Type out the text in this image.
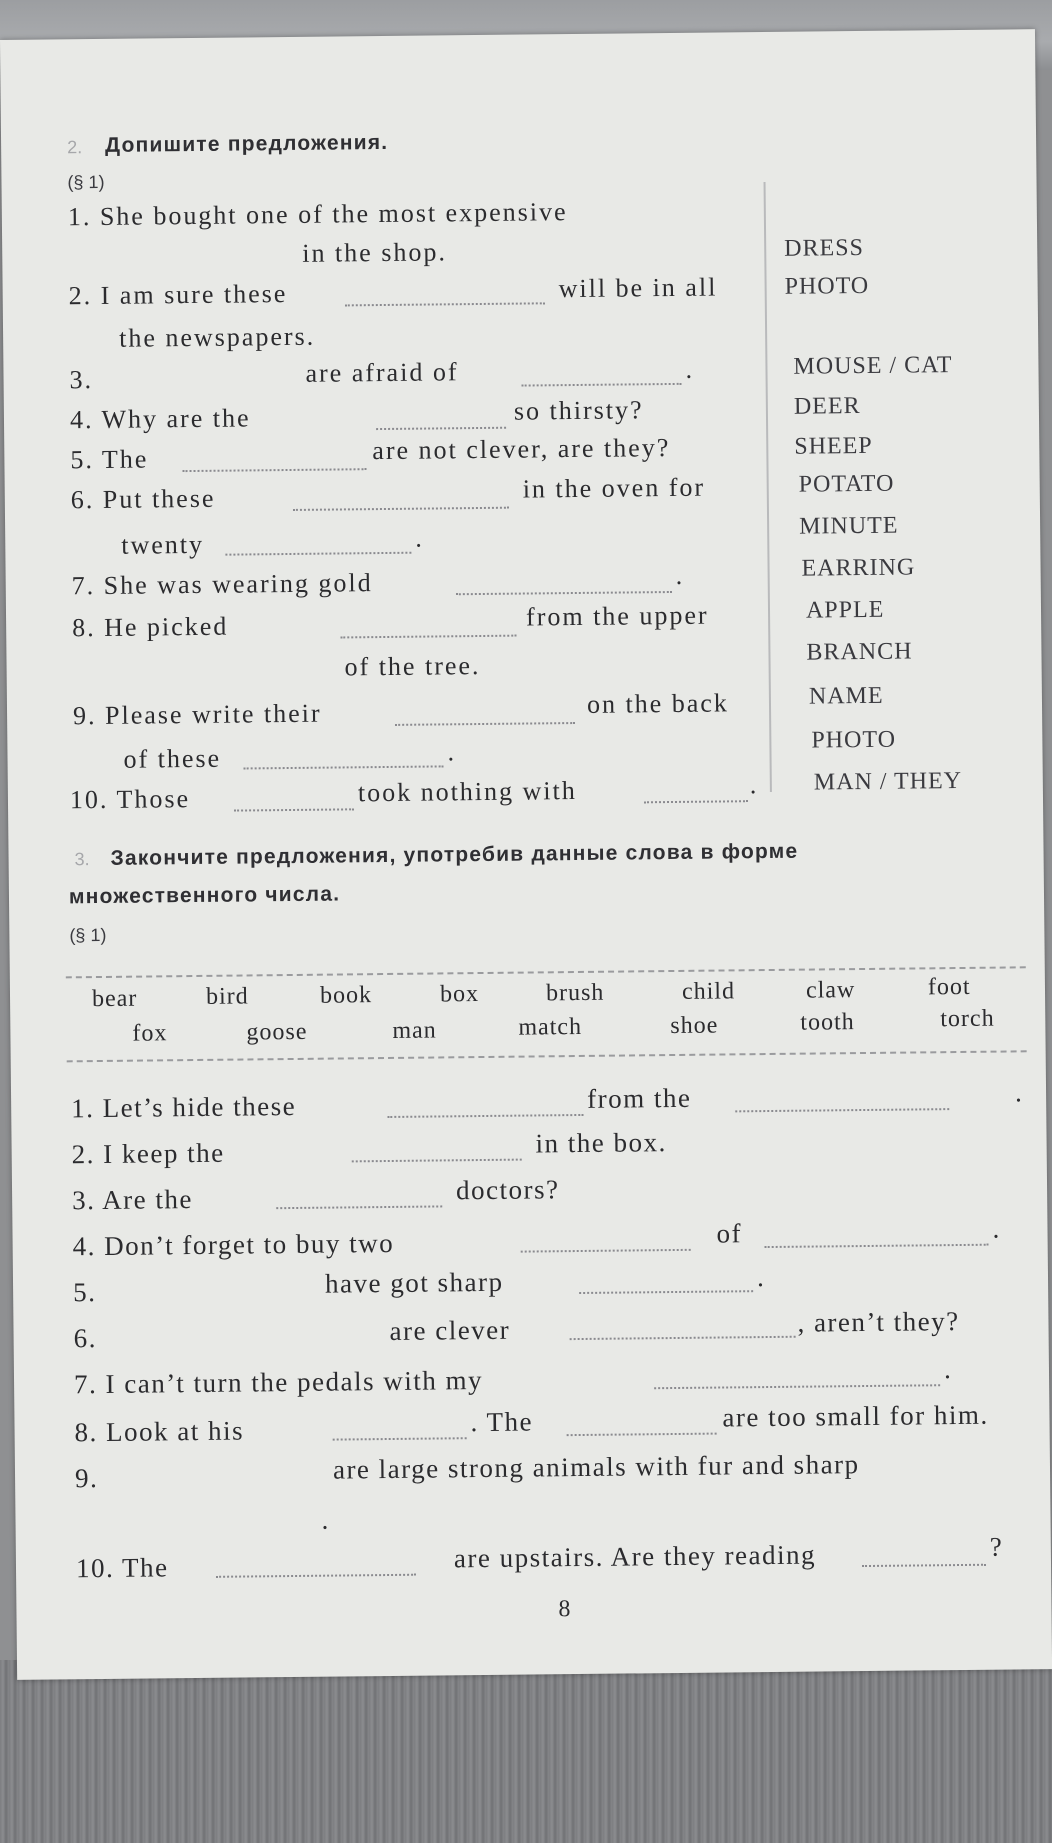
2. Допишите предложения.
(§ 1)
1. She bought one of the most expensive
in the shop.	DRESS
2. I am sure these	will be in all	PHOTO
the newspapers.
3.	are afraid of	.	MOUSE / CAT
4. Why are the	so thirsty?	DEER
5. The	are not clever, are they?	SHEEP
6. Put these	in the oven for	POTATO
twenty	.	MINUTE
7. She was wearing gold	.	EARRING
8. He picked	from the upper	APPLE
of the tree.	BRANCH
9. Please write their	on the back	NAME
of these	.	PHOTO
10. Those	took nothing with	. MAN / THEY
3. Закончите предложения, употребив данные слова в форме
множественного числа.
(§ 1)
bear	bird	book	box	brush	child	claw	foot
fox	goose	man	match	shoe	tooth	torch
1. Let’s hide these	from the	.
2. I keep the	in the box.
3. Are the	doctors?
4. Don’t forget to buy two	of	.
5.	have got sharp	.
6.	are clever	, aren’t they?
7. I can’t turn the pedals with my	.
8. Look at his	. The	are too small for him.
9.	are large strong animals with fur and sharp
.
10. The	are upstairs. Are they reading	?
8
